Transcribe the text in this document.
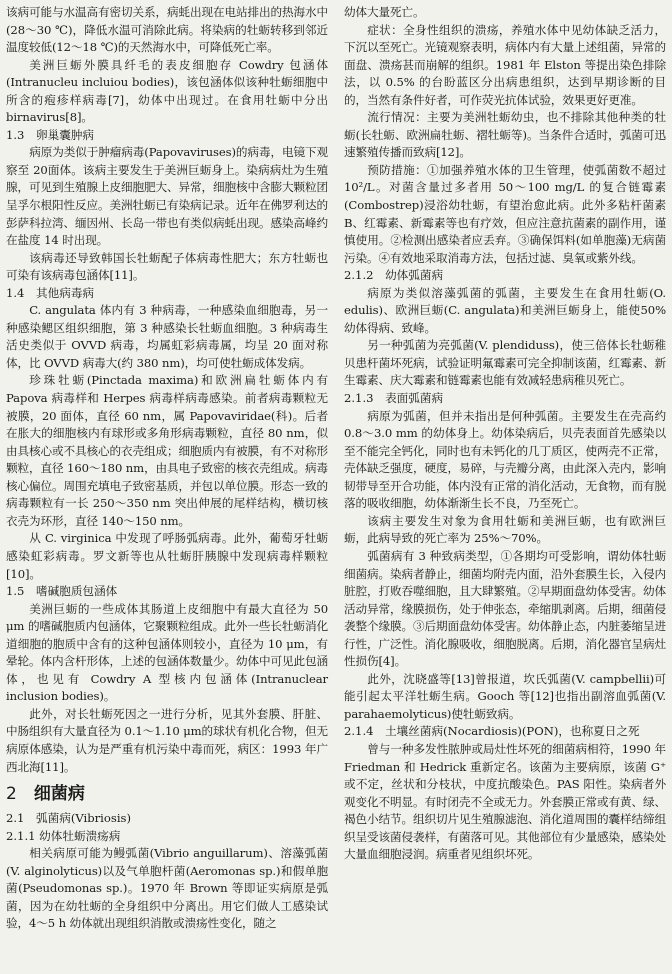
该病可能与水温高有密切关系，病蚝出现在电站排出的热海水中(28～30 ℃)，降低水温可消除此病。将染病的牡蛎转移到邻近温度较低(12～18 ℃)的天然海水中，可降低死亡率。

美洲巨蛎外膜具纤毛的表皮细胞存 Cowdry 包涵体(Intranucleu incluiou bodies)，该包涵体似该种牡蛎细胞中所含的疱疹样病毒[7]，幼体中出现过。在食用牡蛎中分出 birnavirus[8]。

1.3　卵巢囊肿病

病原为类似于肿瘤病毒(Papovaviruses)的病毒，电镜下观察至 20面体。该病主要发生于美洲巨蛎身上。染病病灶为生殖腺，可见到生殖腺上皮细胞肥大、异常，细胞核中含膨大颗粒团呈孚尔根阳性反应。美洲牡蛎已有染病记录。近年在佛罗利达的彭萨科拉湾、缅因州、长岛一带也有类似病蚝出现。感染高峰约在盐度 14 时出现。

该病毒还导致韩国长牡蛎配子体病毒性肥大；东方牡蛎也可染有该病毒包涵体[11]。

1.4　其他病毒病

C. angulata 体内有 3 种病毒，一种感染血细胞毒，另一种感染鳃区组织细胞，第 3 种感染长牡蛎血细胞。3 种病毒生活史类似于 OVVD 病毒，均属虹彩病毒属，均呈 20 面对称体，比 OVVD 病毒大(约 380 nm)，均可使牡蛎成体发病。

珍珠牡蛎(Pinctada maxima)和欧洲扁牡蛎体内有 Papova 病毒样和 Herpes 病毒样病毒感染。前者病毒颗粒无被膜，20 面体，直径 60 nm，属 Papovaviridae(科)。后者在胀大的细胞核内有球形或多角形病毒颗粒，直径 80 nm，似由具核心或不具核心的衣壳组成；细胞质内有被膜，有不对称形颗粒，直径 160～180 nm，由具电子致密的核衣壳组成。病毒核心偏位。周围充填电子致密基质，并包以单位膜。形态一致的病毒颗粒有一长 250～350 nm 突出伸展的尾样结构，横切核衣壳为环形，直径 140～150 nm。

从 C. virginica 中发现了呼肠弧病毒。此外，葡萄牙牡蛎感染虹彩病毒。罗文新等也从牡蛎肝胰腺中发现病毒样颗粒[10]。

1.5　嗜碱胞质包涵体

美洲巨蛎的一些成体其肠道上皮细胞中有最大直径为 50 μm 的嗜碱胞质内包涵体，它聚颗粒组成。此外一些长牡蛎消化道细胞的胞质中含有的这种包涵体则较小，直径为 10 μm，有晕轮。体内含杆形体，上述的包涵体数量少。幼体中可见此包涵体，也见有 Cowdry A 型核内包涵体(Intranuclear inclusion bodies)。

此外，对长牡蛎死因之一进行分析，见其外套膜、肝脏、中肠组织有大量直径为 0.1～1.10 μm的球状有机化合物，但无病原体感染，认为是严重有机污染中毒而死，病区：1993 年广西北海[11]。

2  细菌病
2.1　弧菌病(Vibriosis)
2.1.1 幼体牡蛎溃疡病

相关病原可能为鳗弧菌(Vibrio anguillarum)、溶藻弧菌(V. alginolyticus)以及气单胞杆菌(Aeromonas sp.)和假单胞菌(Pseudomonas sp.)。1970 年 Brown 等即证实病原是弧菌，因为在幼牡蛎的全身组织中分离出。用它们做人工感染试验，4～5 h 幼体就出现组织消散或溃疡性变化，随之

幼体大量死亡。

症状：全身性组织的溃疡，养殖水体中见幼体缺乏活力，下沉以至死亡。光镜观察表明，病体内有大量上述组菌，异常的面盘、溃疡甚而崩解的组织。1981 年 Elston 等提出染色排除法，以 0.5% 的台盼蓝区分出病患组织，达到早期诊断的目的，当然有条件好者，可作荧光抗体试验，效果更好更准。

流行情况：主要为美洲牡蛎幼虫，也不排除其他种类的牡蛎(长牡蛎、欧洲扁牡蛎、褶牡蛎等)。当条件合适时，弧菌可迅速繁殖传播而致病[12]。

预防措施：①加强养殖水体的卫生管理，使弧菌数不超过 10²/L。对菌含量过多者用 50～100 mg/L 的复合链霉素(Combostrep)浸浴幼牡蛎，有望治愈此病。此外多粘杆菌素 B、红霉素、新霉素等也有疗效，但应注意抗菌素的副作用，谨慎使用。②检测出感染者应丢弃。③确保饵料(如单胞藻)无病菌污染。④有效地采取消毒方法，包括过滤、臭氧或紫外线。

2.1.2　幼体弧菌病

病原为类似溶藻弧菌的弧菌，主要发生在食用牡蛎(O. edulis)、欧洲巨蛎(C. angulata)和美洲巨蛎身上，能使50%幼体得病、致峰。

另一种弧菌为亮弧菌(V. plendiduss)，使三倍体长牡蛎稚贝患杆菌坏死病，试验证明氟霉素可完全抑制该菌，红霉素、新生霉素、庆大霉素和链霉素也能有效减轻患病稚贝死亡。

2.1.3　表面弧菌病

病原为弧菌，但并未指出是何种弧菌。主要发生在壳高约 0.8～3.0 mm 的幼体身上。幼体染病后，贝壳表面首先感染以至不能完全钙化，同时也有未钙化的几丁质区，使两壳不正常，壳体缺乏强度，硬度，易碎，与壳瓣分离，由此深入壳内，影响韧带导至开合功能，体内没有正常的消化活动，无食物，而有脱落的吸收细胞，幼体渐渐生长不良，乃至死亡。

该病主要发生对象为食用牡蛎和美洲巨蛎，也有欧洲巨蛎，此病导致的死亡率为 25%～70%。

弧菌病有 3 种致病类型，①各期均可受影响，谓幼体牡蛎细菌病。染病者静止，细菌均附壳内面，沿外套膜生长，入侵内脏腔，打败吞噬细胞，且大肆繁殖。②早期面盘幼体受害。幼体活动异常，缘膜损伤，处于伸张态，牵缩肌剥离。后期，细菌侵袭整个缘膜。③后期面盘幼体受害。幼体静止态，内脏萎缩呈进行性，广泛性。消化腺吸收，细胞脱离。后期，消化器官呈病灶性损伤[4]。

此外，沈晓盛等[13]曾报道，坎氏弧菌(V. campbellii)可能引起太平洋牡蛎生病。Gooch 等[12]也指出副溶血弧菌(V. parahaemolyticus)使牡蛎致病。

2.1.4　土壤丝菌病(Nocardiosis)(PON)，也称夏日之死

曾与一种多发性脓肿或局灶性坏死的细菌病相符，1990 年 Friedman 和 Hedrick 重新定名。该菌为主要病原，该菌 G⁺ 或不定，丝状和分枝状，中度抗酸染色。PAS 阳性。染病者外观变化不明显。有时闭壳不全或无力。外套膜正常或有黄、绿、褐色小结节。组织切片见生殖腺滤泡、消化道周围的囊样结缔组织呈受该菌侵袭样，有菌落可见。其他部位有少量感染，感染处大量血细胞浸润。病重者见组织坏死。
